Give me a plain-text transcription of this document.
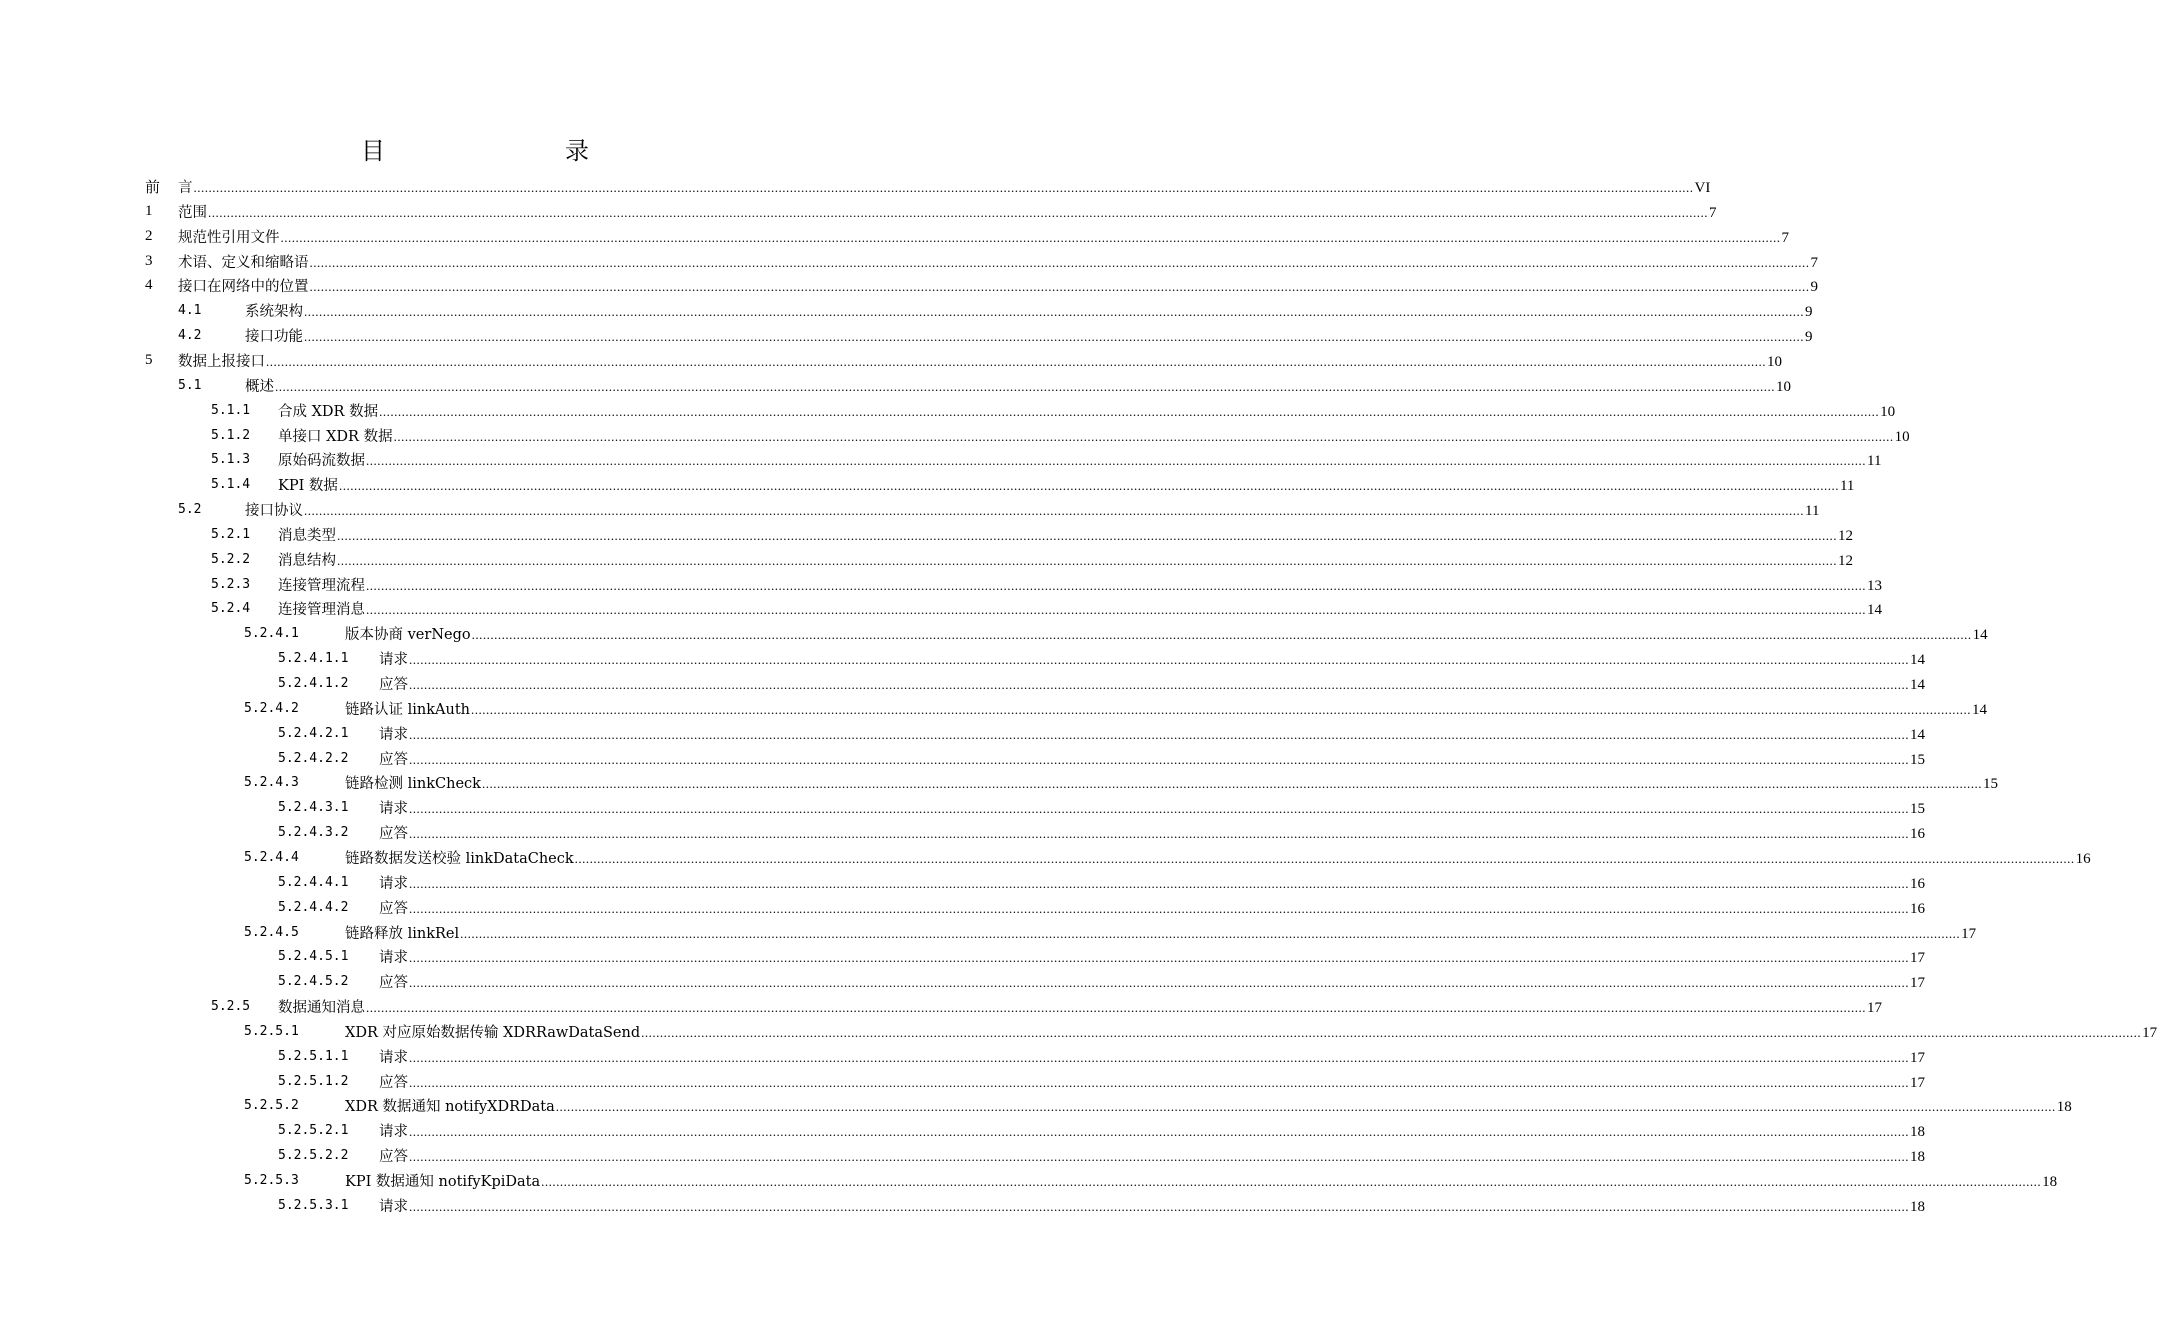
目　　录
前 言 ................................................................................................................................................................................................................................................................................................................................................................................................................ VI
1 范围 ................................................................................................................................................................................................................................................................................................................................................................................................................ 7
2 规范性引用文件 ................................................................................................................................................................................................................................................................................................................................................................................................................ 7
3 术语、定义和缩略语 ................................................................................................................................................................................................................................................................................................................................................................................................................ 7
4 接口在网络中的位置 ................................................................................................................................................................................................................................................................................................................................................................................................................ 9
4.1	系统架构 ................................................................................................................................................................................................................................................................................................................................................................................................................ 9
4.2	接口功能 ................................................................................................................................................................................................................................................................................................................................................................................................................ 9
5 数据上报接口 ................................................................................................................................................................................................................................................................................................................................................................................................................ 10
5.1	概述 ................................................................................................................................................................................................................................................................................................................................................................................................................ 10
5.1.1 合成 XDR 数据 ................................................................................................................................................................................................................................................................................................................................................................................................................ 10
5.1.2 单接口 XDR 数据 ................................................................................................................................................................................................................................................................................................................................................................................................................ 10
5.1.3 原始码流数据 ................................................................................................................................................................................................................................................................................................................................................................................................................ 11
5.1.4 KPI 数据 ................................................................................................................................................................................................................................................................................................................................................................................................................ 11
5.2	接口协议 ................................................................................................................................................................................................................................................................................................................................................................................................................ 11
5.2.1 消息类型 ................................................................................................................................................................................................................................................................................................................................................................................................................ 12
5.2.2 消息结构 ................................................................................................................................................................................................................................................................................................................................................................................................................ 12
5.2.3 连接管理流程 ................................................................................................................................................................................................................................................................................................................................................................................................................ 13
5.2.4 连接管理消息 ................................................................................................................................................................................................................................................................................................................................................................................................................ 14
5.2.4.1	版本协商 verNego ................................................................................................................................................................................................................................................................................................................................................................................................................ 14
5.2.4.1.1 请求 ................................................................................................................................................................................................................................................................................................................................................................................................................ 14
5.2.4.1.2 应答 ................................................................................................................................................................................................................................................................................................................................................................................................................ 14
5.2.4.2	链路认证 linkAuth ................................................................................................................................................................................................................................................................................................................................................................................................................ 14
5.2.4.2.1 请求 ................................................................................................................................................................................................................................................................................................................................................................................................................ 14
5.2.4.2.2 应答 ................................................................................................................................................................................................................................................................................................................................................................................................................ 15
5.2.4.3	链路检测 linkCheck ................................................................................................................................................................................................................................................................................................................................................................................................................ 15
5.2.4.3.1 请求 ................................................................................................................................................................................................................................................................................................................................................................................................................ 15
5.2.4.3.2 应答 ................................................................................................................................................................................................................................................................................................................................................................................................................ 16
5.2.4.4	链路数据发送校验 linkDataCheck ................................................................................................................................................................................................................................................................................................................................................................................................................ 16
5.2.4.4.1 请求 ................................................................................................................................................................................................................................................................................................................................................................................................................ 16
5.2.4.4.2 应答 ................................................................................................................................................................................................................................................................................................................................................................................................................ 16
5.2.4.5	链路释放 linkRel ................................................................................................................................................................................................................................................................................................................................................................................................................ 17
5.2.4.5.1 请求 ................................................................................................................................................................................................................................................................................................................................................................................................................ 17
5.2.4.5.2 应答 ................................................................................................................................................................................................................................................................................................................................................................................................................ 17
5.2.5 数据通知消息 ................................................................................................................................................................................................................................................................................................................................................................................................................ 17
5.2.5.1	XDR 对应原始数据传输 XDRRawDataSend ................................................................................................................................................................................................................................................................................................................................................................................................................ 17
5.2.5.1.1 请求 ................................................................................................................................................................................................................................................................................................................................................................................................................ 17
5.2.5.1.2 应答 ................................................................................................................................................................................................................................................................................................................................................................................................................ 17
5.2.5.2	XDR 数据通知 notifyXDRData ................................................................................................................................................................................................................................................................................................................................................................................................................ 18
5.2.5.2.1 请求 ................................................................................................................................................................................................................................................................................................................................................................................................................ 18
5.2.5.2.2 应答 ................................................................................................................................................................................................................................................................................................................................................................................................................ 18
5.2.5.3	KPI 数据通知 notifyKpiData ................................................................................................................................................................................................................................................................................................................................................................................................................ 18
5.2.5.3.1 请求 ................................................................................................................................................................................................................................................................................................................................................................................................................ 18
